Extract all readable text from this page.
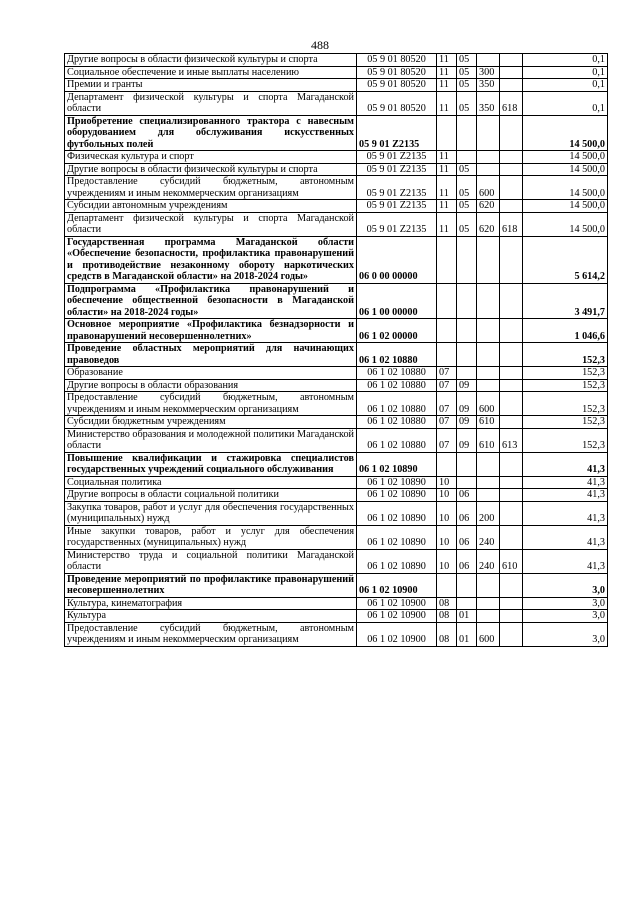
488
Другие вопросы в области физической культуры и спорта	05 9 01 80520	11	05			0,1
Социальное обеспечение и иные выплаты населению	05 9 01 80520	11	05	300		0,1
Премии и гранты	05 9 01 80520	11	05	350		0,1
Департамент физической культуры и спорта Магаданской области	05 9 01 80520	11	05	350	618	0,1
Приобретение специализированного трактора с навесным оборудованием для обслуживания искусственных футбольных полей	05 9 01 Z2135					14 500,0
Физическая культура и спорт	05 9 01 Z2135	11				14 500,0
Другие вопросы в области физической культуры и спорта	05 9 01 Z2135	11	05			14 500,0
Предоставление субсидий бюджетным, автономным учреждениям и иным некоммерческим организациям	05 9 01 Z2135	11	05	600		14 500,0
Субсидии автономным учреждениям	05 9 01 Z2135	11	05	620		14 500,0
Департамент физической культуры и спорта Магаданской области	05 9 01 Z2135	11	05	620	618	14 500,0
Государственная программа Магаданской области «Обеспечение безопасности, профилактика правонарушений и противодействие незаконному обороту наркотических средств в Магаданской области» на 2018-2024 годы»	06 0 00 00000					5 614,2
Подпрограмма «Профилактика правонарушений и обеспечение общественной безопасности в Магаданской области» на 2018-2024 годы»	06 1 00 00000					3 491,7
Основное мероприятие «Профилактика безнадзорности и правонарушений несовершеннолетних»	06 1 02 00000					1 046,6
Проведение областных мероприятий для начинающих правоведов	06 1 02 10880					152,3
Образование	06 1 02 10880	07				152,3
Другие вопросы в области образования	06 1 02 10880	07	09			152,3
Предоставление субсидий бюджетным, автономным учреждениям и иным некоммерческим организациям	06 1 02 10880	07	09	600		152,3
Субсидии бюджетным учреждениям	06 1 02 10880	07	09	610		152,3
Министерство образования и молодежной политики Магаданской области	06 1 02 10880	07	09	610	613	152,3
Повышение квалификации и стажировка специалистов государственных учреждений социального обслуживания	06 1 02 10890					41,3
Социальная политика	06 1 02 10890	10				41,3
Другие вопросы в области социальной политики	06 1 02 10890	10	06			41,3
Закупка товаров, работ и услуг для обеспечения государственных (муниципальных) нужд	06 1 02 10890	10	06	200		41,3
Иные закупки товаров, работ и услуг для обеспечения государственных (муниципальных) нужд	06 1 02 10890	10	06	240		41,3
Министерство труда и социальной политики Магаданской области	06 1 02 10890	10	06	240	610	41,3
Проведение мероприятий по профилактике правонарушений несовершеннолетних	06 1 02 10900					3,0
Культура, кинематография	06 1 02 10900	08				3,0
Культура	06 1 02 10900	08	01			3,0
Предоставление субсидий бюджетным, автономным учреждениям и иным некоммерческим организациям	06 1 02 10900	08	01	600		3,0
